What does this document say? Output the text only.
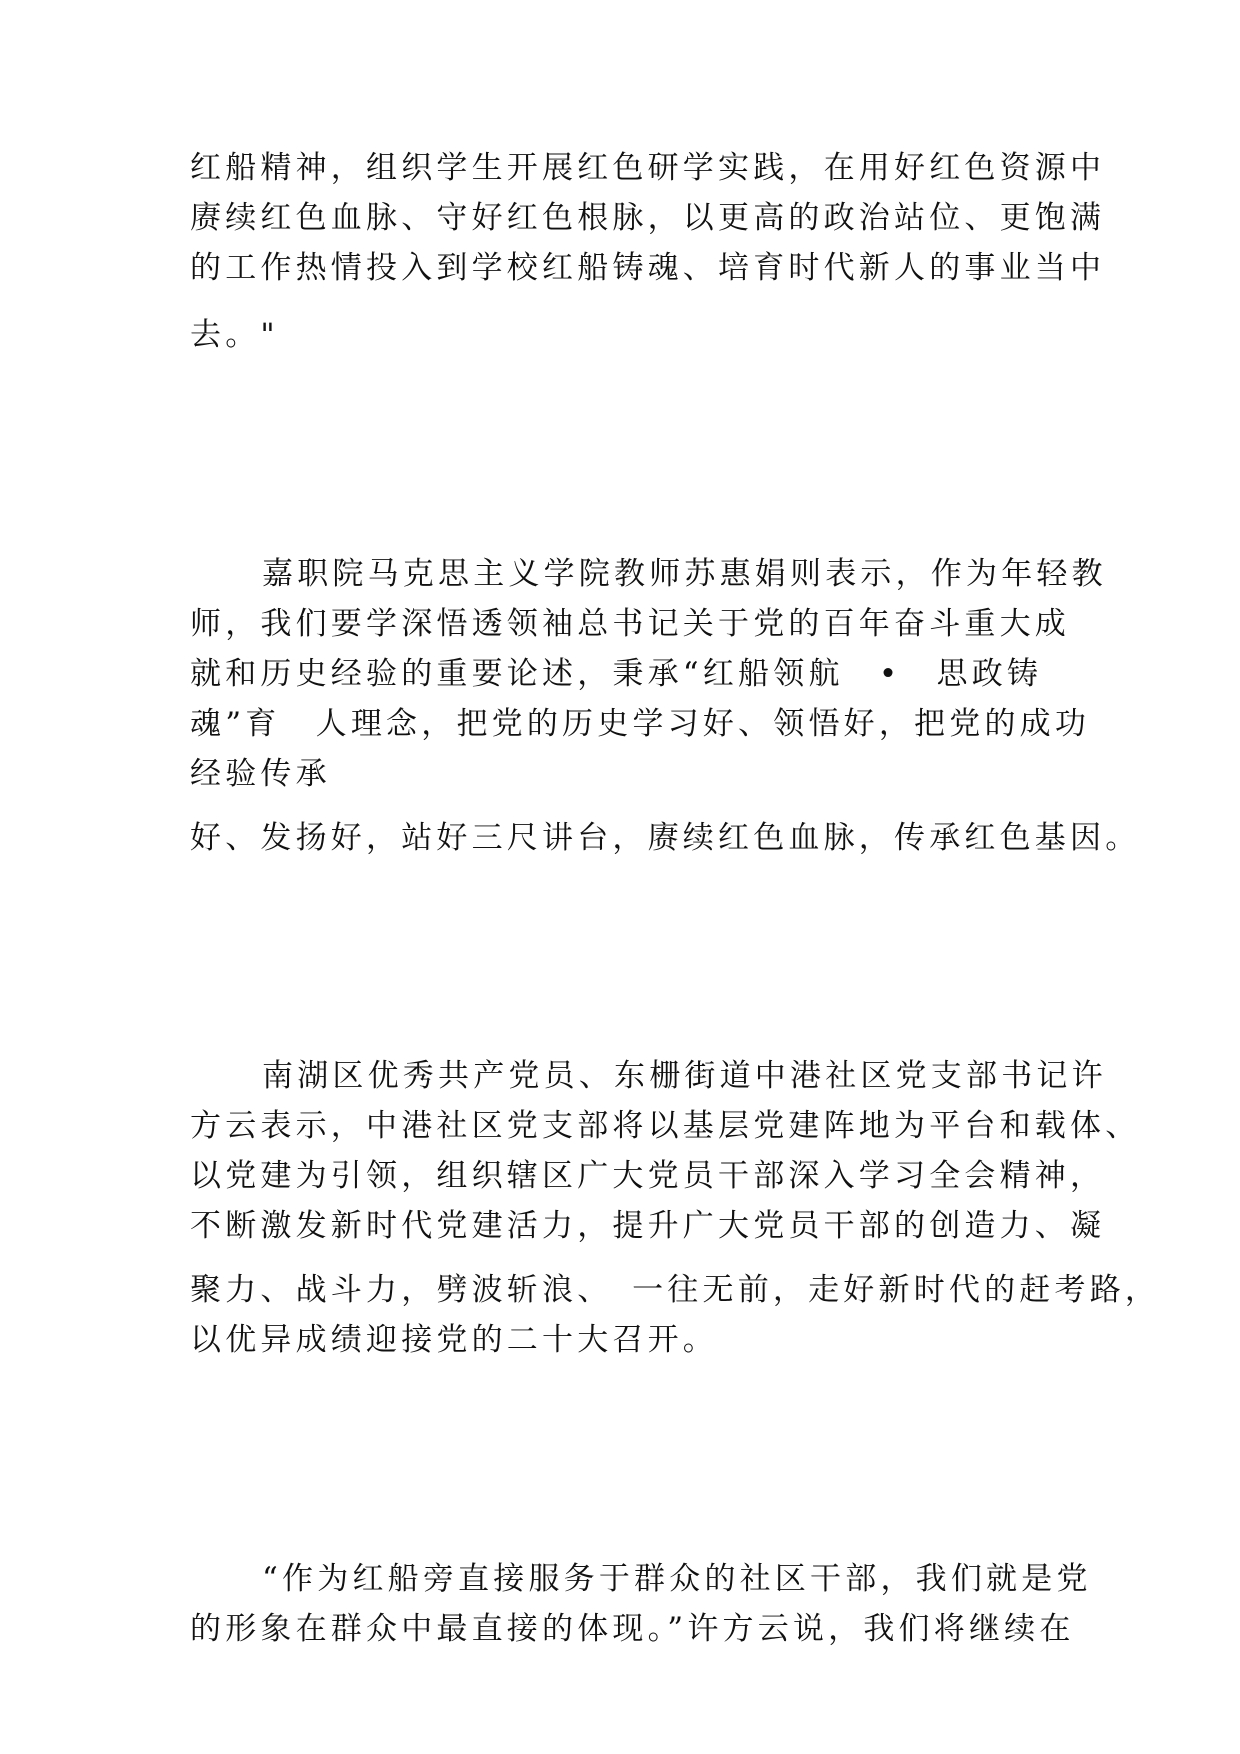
红船精神，组织学生开展红色研学实践，在用好红色资源中
赓续红色血脉、守好红色根脉，以更高的政治站位、更饱满
的工作热情投入到学校红船铸魂、培育时代新人的事业当中
去。"
嘉职院马克思主义学院教师苏惠娟则表示，作为年轻教
师，我们要学深悟透领袖总书记关于党的百年奋斗重大成
就和历史经验的重要论述，秉承“红船领航　•　思政铸
魂”育　人理念，把党的历史学习好、领悟好，把党的成功
经验传承
好、发扬好，站好三尺讲台，赓续红色血脉，传承红色基因。
南湖区优秀共产党员、东栅街道中港社区党支部书记许
方云表示，中港社区党支部将以基层党建阵地为平台和载体、
以党建为引领，组织辖区广大党员干部深入学习全会精神，
不断激发新时代党建活力，提升广大党员干部的创造力、凝
聚力、战斗力，劈波斩浪、　一往无前，走好新时代的赶考路，
以优异成绩迎接党的二十大召开。
“作为红船旁直接服务于群众的社区干部，我们就是党
的形象在群众中最直接的体现。”许方云说，我们将继续在
